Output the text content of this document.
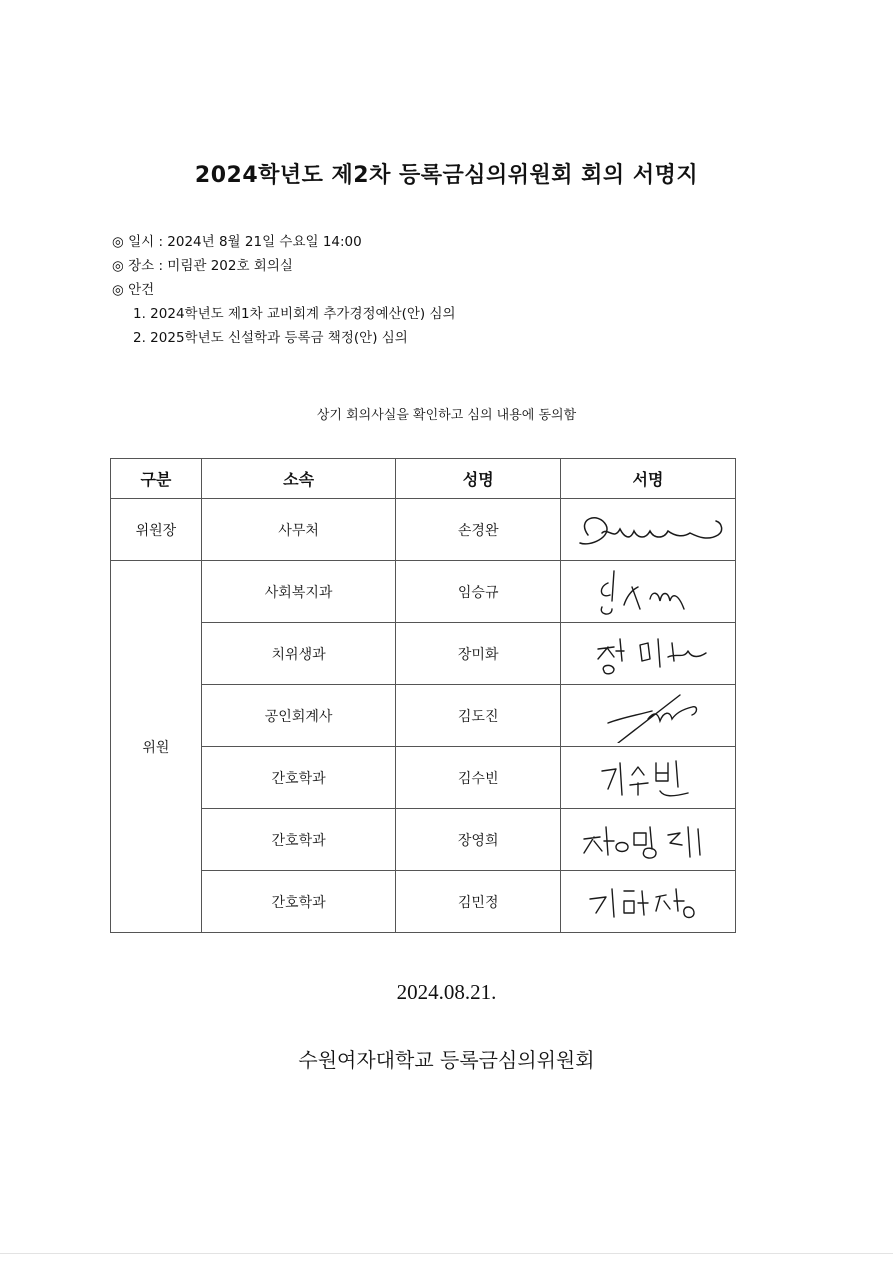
2024학년도 제2차 등록금심의위원회 회의 서명지
◎ 일시 : 2024년 8월 21일 수요일 14:00
◎ 장소 : 미림관 202호 회의실
◎ 안건
1. 2024학년도 제1차 교비회계 추가경정예산(안) 심의
2. 2025학년도 신설학과 등록금 책정(안) 심의
상기 회의사실을 확인하고 심의 내용에 동의함
구분	소속	성명	서명
위원장	사무처	손경완	

위원	사회복지과	임승규	

	치위생과	장미화	

	공인회계사	김도진	

	간호학과	김수빈	

	간호학과	장영희	

	간호학과	김민정	
2024.08.21.
수원여자대학교 등록금심의위원회
